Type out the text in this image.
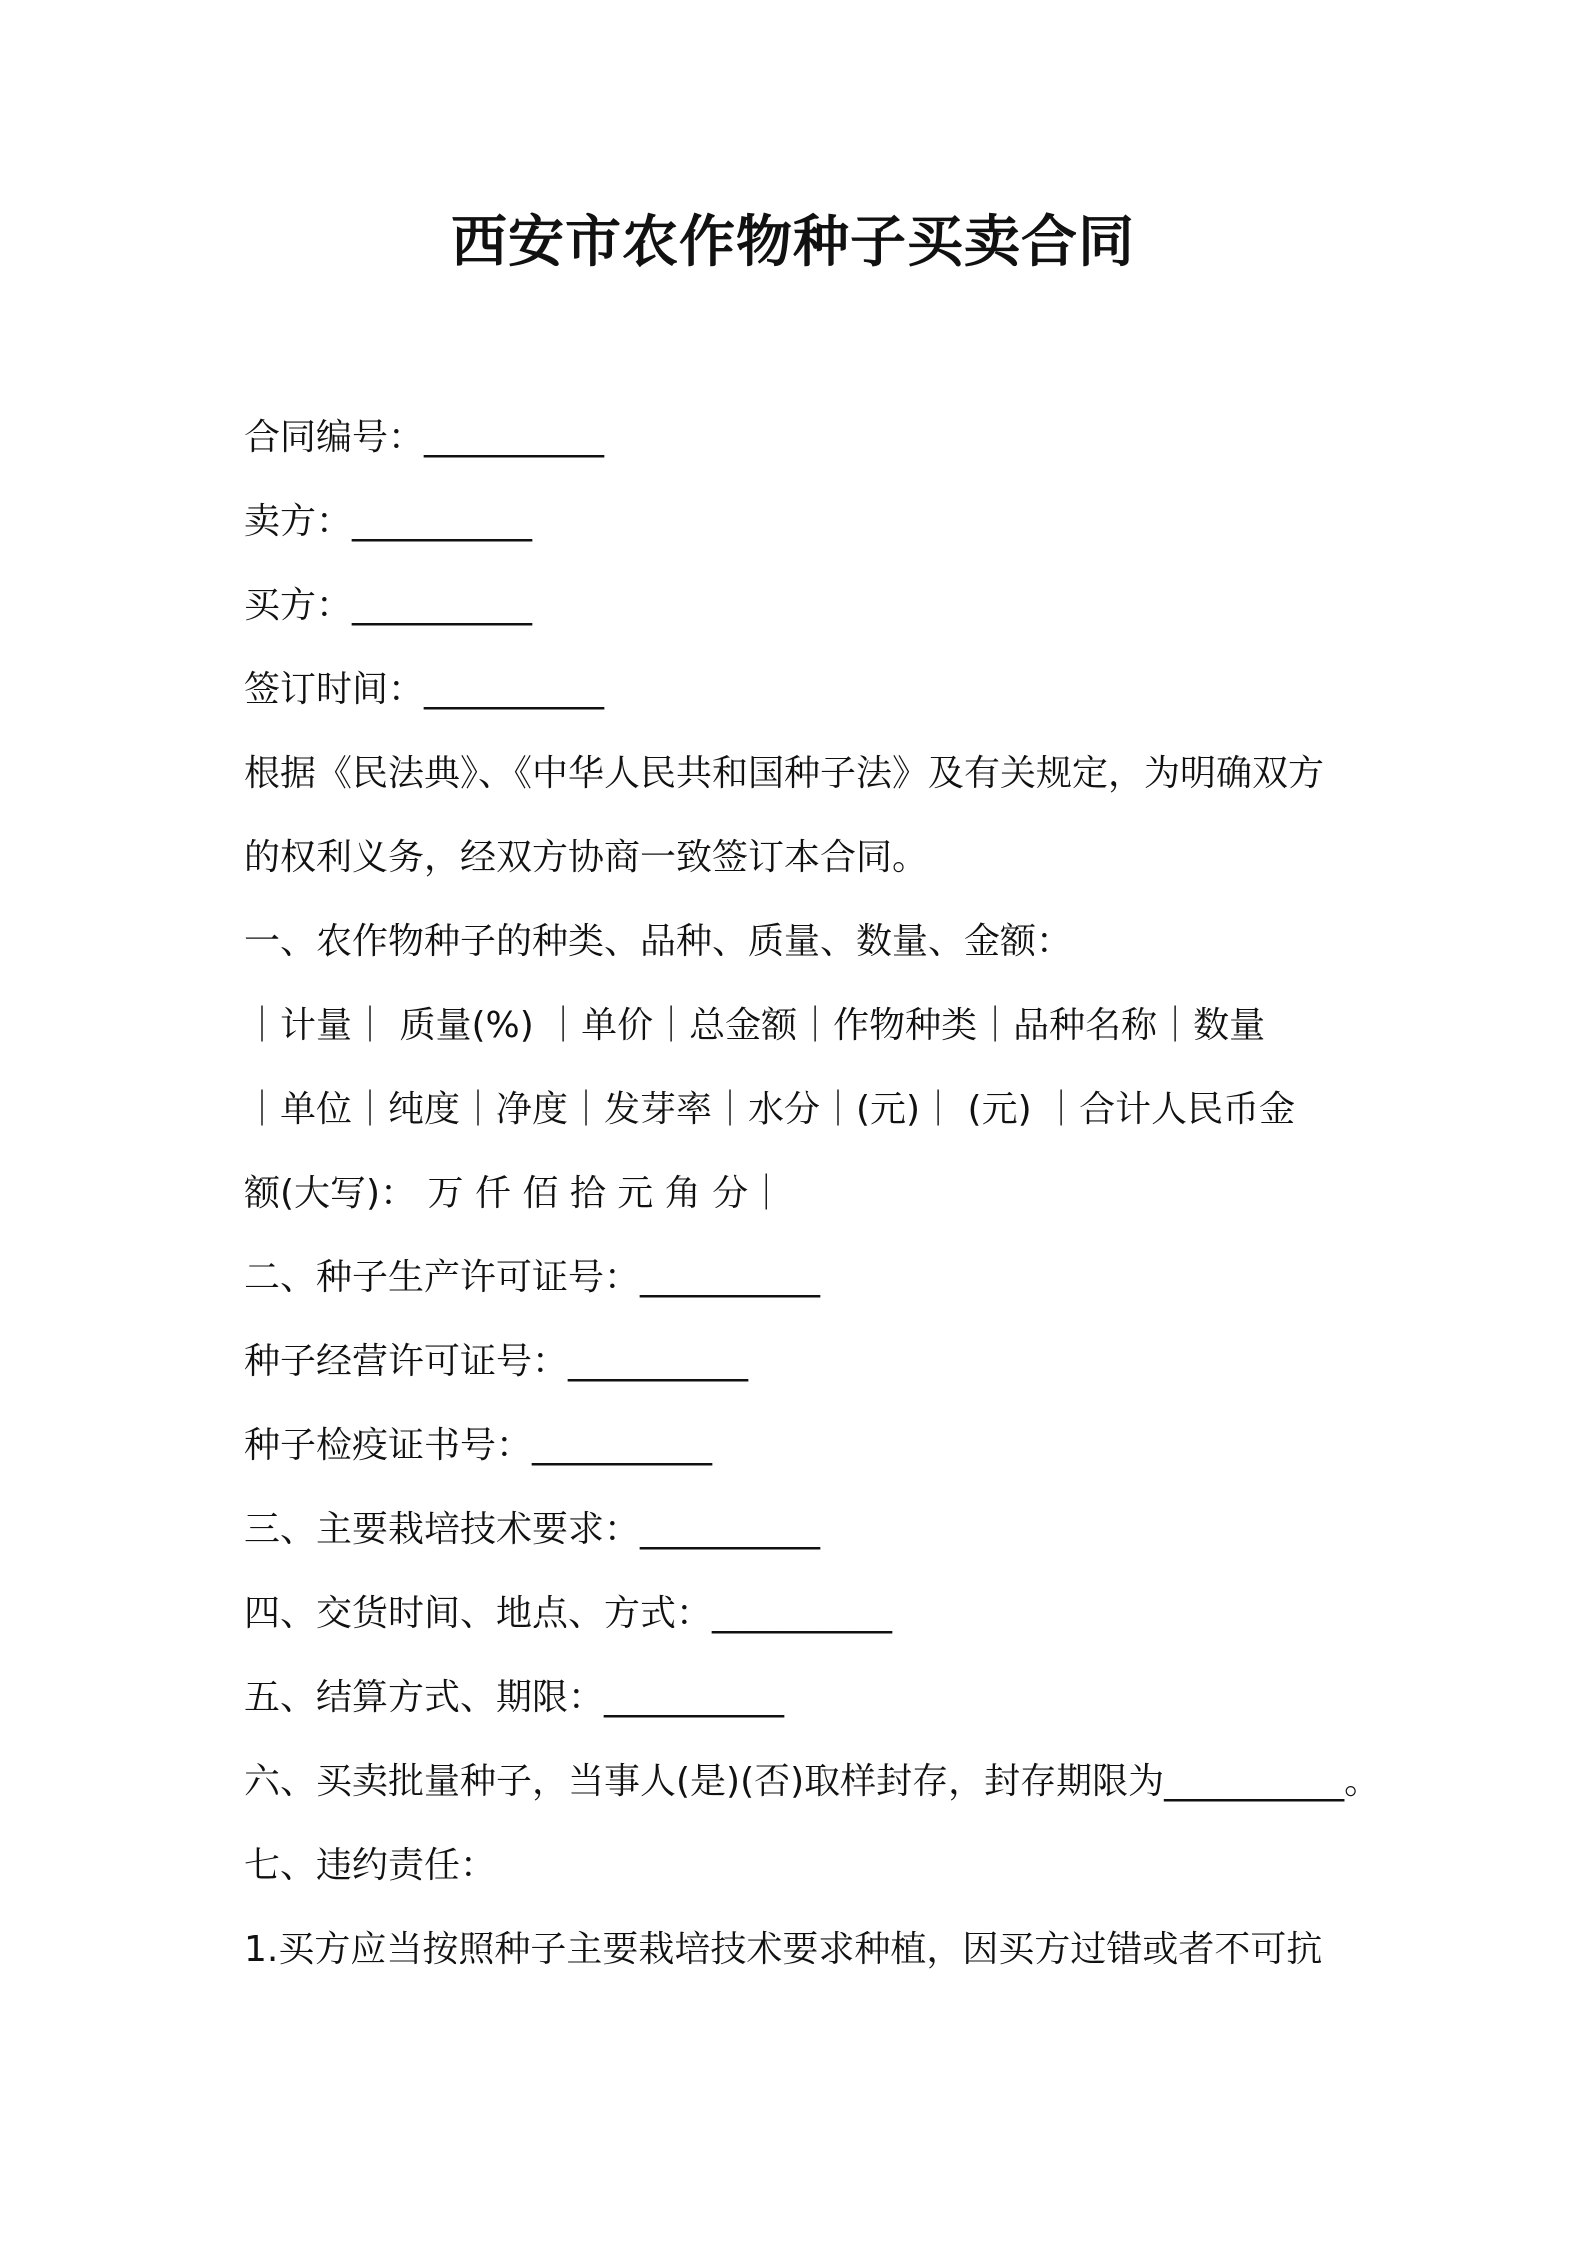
西安市农作物种子买卖合同
合同编号：__________
卖方：__________
买方：__________
签订时间：__________
根据《民法典》、《中华人民共和国种子法》及有关规定，为明确双方
的权利义务，经双方协商一致签订本合同。
一、农作物种子的种类、品种、质量、数量、金额：
｜计量｜ 质量(%) ｜单价｜总金额｜作物种类｜品种名称｜数量
｜单位｜纯度｜净度｜发芽率｜水分｜(元)｜ (元) ｜合计人民币金
额(大写)： 万 仟 佰 拾 元 角 分｜
二、种子生产许可证号：__________
种子经营许可证号：__________
种子检疫证书号：__________
三、主要栽培技术要求：__________
四、交货时间、地点、方式：__________
五、结算方式、期限：__________
六、买卖批量种子，当事人(是)(否)取样封存，封存期限为__________。
七、违约责任：
1.买方应当按照种子主要栽培技术要求种植，因买方过错或者不可抗
